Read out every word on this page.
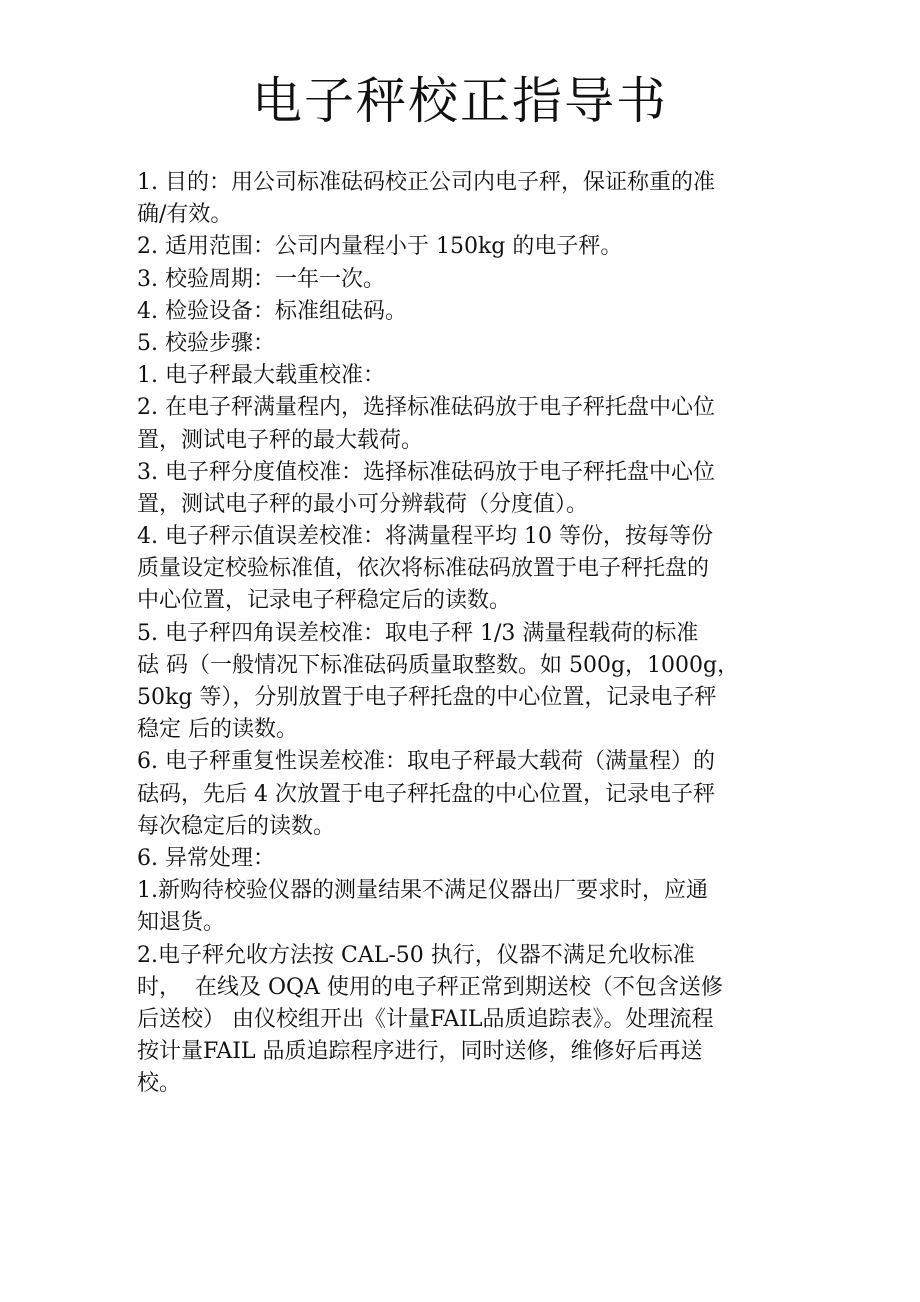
电子秤校正指导书
1. 目的：用公司标准砝码校正公司内电子秤，保证称重的准
确/有效。
2. 适用范围：公司内量程小于 150kg 的电子秤。
3. 校验周期：一年一次。
4. 检验设备：标准组砝码。
5. 校验步骤：
1. 电子秤最大载重校准：
2. 在电子秤满量程内，选择标准砝码放于电子秤托盘中心位
置，测试电子秤的最大载荷。
3. 电子秤分度值校准：选择标准砝码放于电子秤托盘中心位
置，测试电子秤的最小可分辨载荷（分度值）。
4. 电子秤示值误差校准：将满量程平均 10 等份，按每等份
质量设定校验标准值，依次将标准砝码放置于电子秤托盘的
中心位置，记录电子秤稳定后的读数。
5. 电子秤四角误差校准：取电子秤 1/3 满量程载荷的标准
砝 码（一般情况下标准砝码质量取整数。如 500g，1000g，
50kg 等），分别放置于电子秤托盘的中心位置，记录电子秤
稳定 后的读数。
6. 电子秤重复性误差校准：取电子秤最大载荷（满量程）的
砝码，先后 4 次放置于电子秤托盘的中心位置，记录电子秤
每次稳定后的读数。
6. 异常处理：
1.新购待校验仪器的测量结果不满足仪器出厂要求时，应通
知退货。
2.电子秤允收方法按 CAL-50 执行，仪器不满足允收标准
时，  在线及 OQA 使用的电子秤正常到期送校（不包含送修
后送校） 由仪校组开出《计量FAIL品质追踪表》。处理流程
按计量FAIL 品质追踪程序进行，同时送修，维修好后再送
校。
